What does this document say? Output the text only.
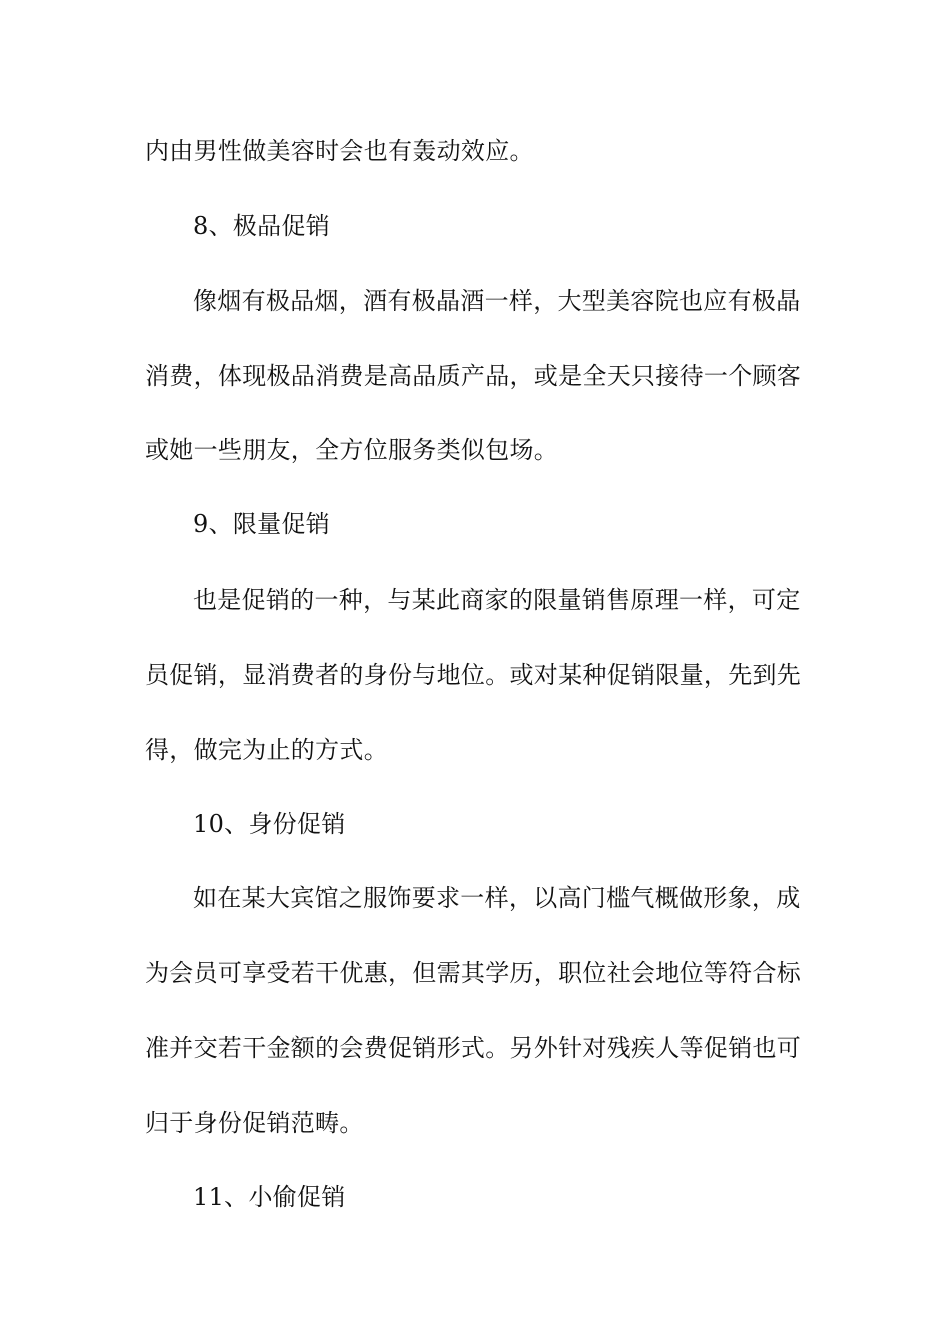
内由男性做美容时会也有轰动效应。
8、极品促销
像烟有极品烟，酒有极晶酒一样，大型美容院也应有极晶
消费，体现极品消费是高品质产品，或是全天只接待一个顾客
或她一些朋友，全方位服务类似包场。
9、限量促销
也是促销的一种，与某此商家的限量销售原理一样，可定
员促销，显消费者的身份与地位。或对某种促销限量，先到先
得，做完为止的方式。
10、身份促销
如在某大宾馆之服饰要求一样，以高门槛气概做形象，成
为会员可享受若干优惠，但需其学历，职位社会地位等符合标
准并交若干金额的会费促销形式。另外针对残疾人等促销也可
归于身份促销范畴。
11、小偷促销
